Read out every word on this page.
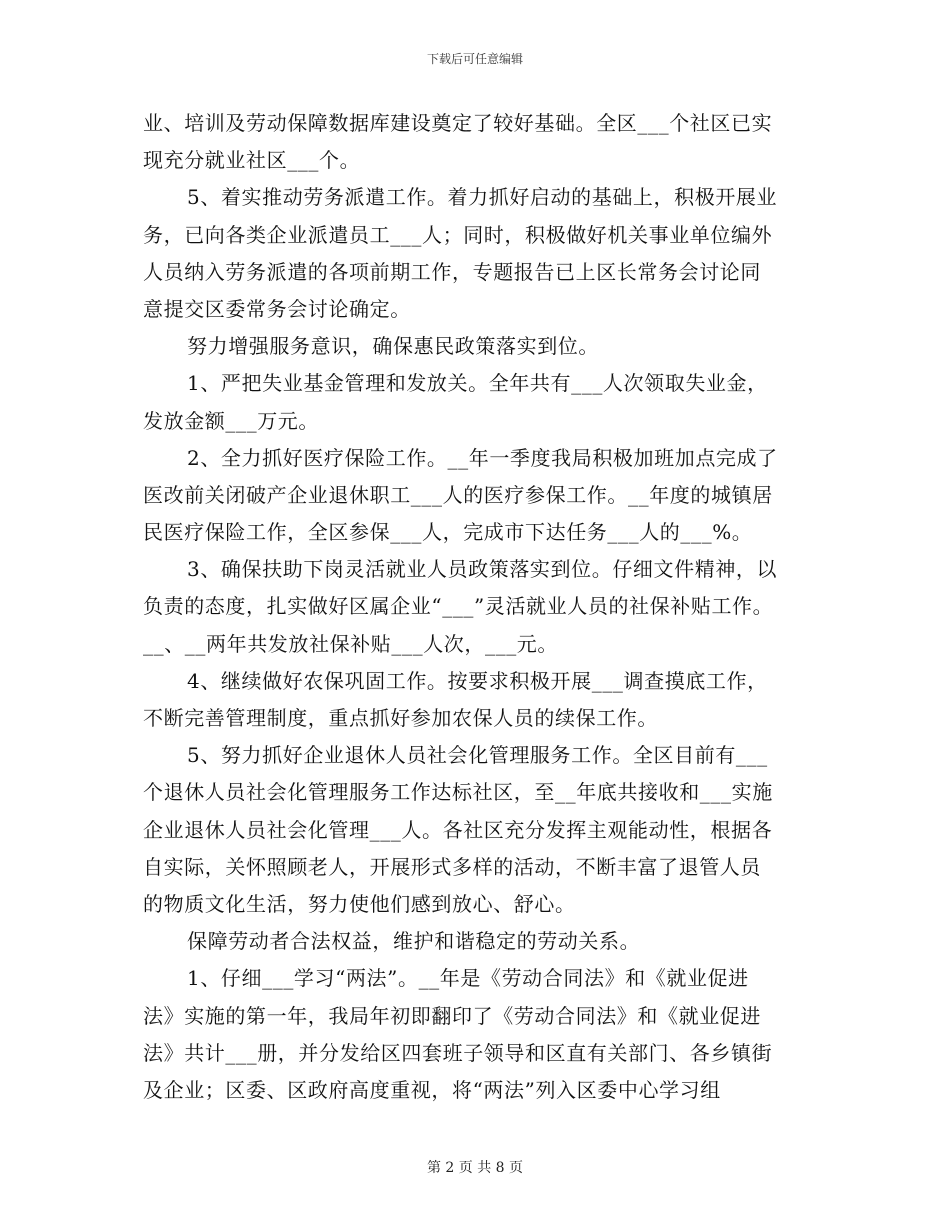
下载后可任意编辑
业、培训及劳动保障数据库建设奠定了较好基础。全区___个社区已实
现充分就业社区___个。
5、着实推动劳务派遣工作。着力抓好启动的基础上，积极开展业
务，已向各类企业派遣员工___人；同时，积极做好机关事业单位编外
人员纳入劳务派遣的各项前期工作，专题报告已上区长常务会讨论同
意提交区委常务会讨论确定。
努力增强服务意识，确保惠民政策落实到位。
1、严把失业基金管理和发放关。全年共有___人次领取失业金，
发放金额___万元。
2、全力抓好医疗保险工作。__年一季度我局积极加班加点完成了
医改前关闭破产企业退休职工___人的医疗参保工作。__年度的城镇居
民医疗保险工作，全区参保___人，完成市下达任务___人的___%。
3、确保扶助下岗灵活就业人员政策落实到位。仔细文件精神，以
负责的态度，扎实做好区属企业“___”灵活就业人员的社保补贴工作。
__、__两年共发放社保补贴___人次，___元。
4、继续做好农保巩固工作。按要求积极开展___调查摸底工作，
不断完善管理制度，重点抓好参加农保人员的续保工作。
5、努力抓好企业退休人员社会化管理服务工作。全区目前有___
个退休人员社会化管理服务工作达标社区，至__年底共接收和___实施
企业退休人员社会化管理___人。各社区充分发挥主观能动性，根据各
自实际，关怀照顾老人，开展形式多样的活动，不断丰富了退管人员
的物质文化生活，努力使他们感到放心、舒心。
保障劳动者合法权益，维护和谐稳定的劳动关系。
1、仔细___学习“两法”。__年是《劳动合同法》和《就业促进
法》实施的第一年，我局年初即翻印了《劳动合同法》和《就业促进
法》共计___册，并分发给区四套班子领导和区直有关部门、各乡镇街
及企业；区委、区政府高度重视，将“两法”列入区委中心学习组
第 2 页 共 8 页
